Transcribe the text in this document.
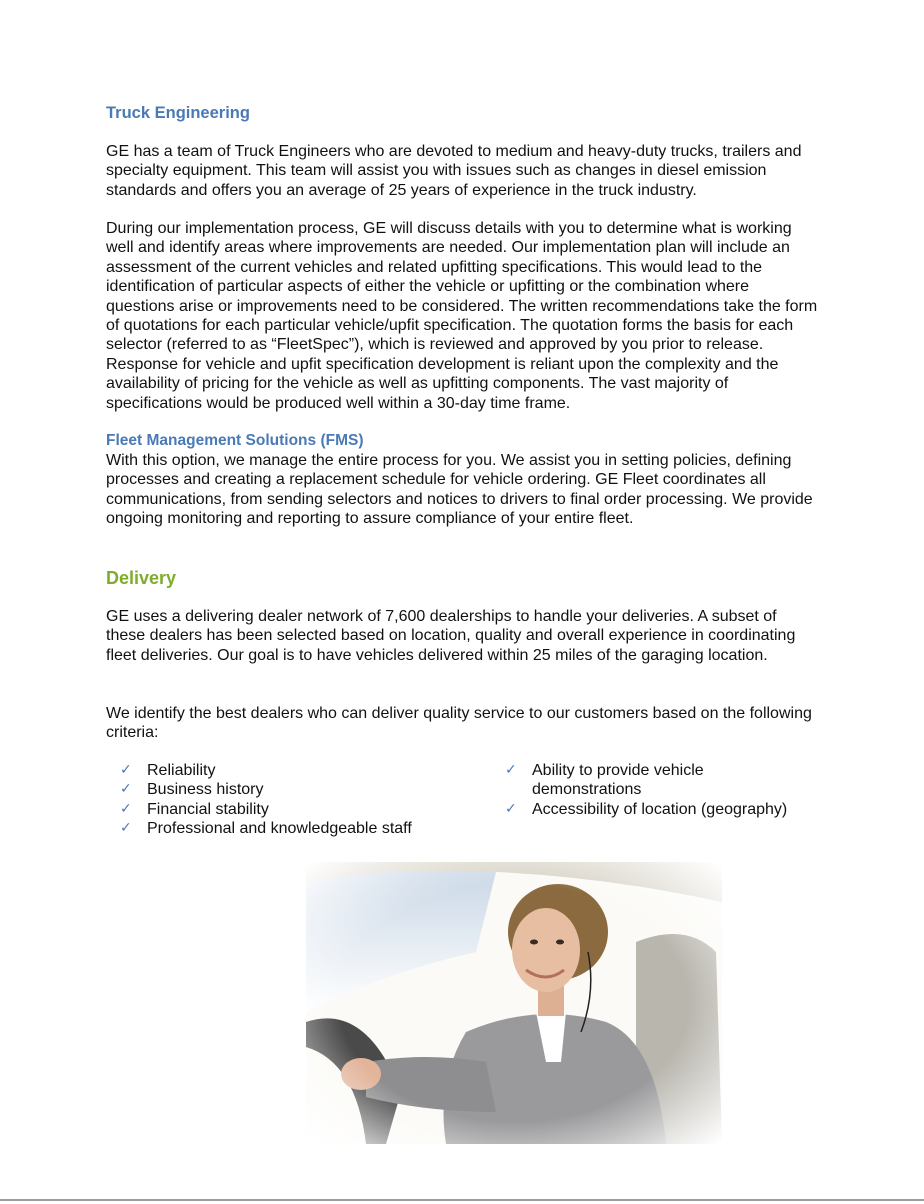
Truck Engineering

GE has a team of Truck Engineers who are devoted to medium and heavy-duty trucks, trailers and specialty equipment. This team will assist you with issues such as changes in diesel emission standards and offers you an average of 25 years of experience in the truck industry.

During our implementation process, GE will discuss details with you to determine what is working well and identify areas where improvements are needed. Our implementation plan will include an assessment of the current vehicles and related upfitting specifications. This would lead to the identification of particular aspects of either the vehicle or upfitting or the combination where questions arise or improvements need to be considered. The written recommendations take the form of quotations for each particular vehicle/upfit specification. The quotation forms the basis for each selector (referred to as “FleetSpec”), which is reviewed and approved by you prior to release. Response for vehicle and upfit specification development is reliant upon the complexity and the availability of pricing for the vehicle as well as upfitting components. The vast majority of specifications would be produced well within a 30-day time frame.

Fleet Management Solutions (FMS)

With this option, we manage the entire process for you. We assist you in setting policies, defining processes and creating a replacement schedule for vehicle ordering. GE Fleet coordinates all communications, from sending selectors and notices to drivers to final order processing. We provide ongoing monitoring and reporting to assure compliance of your entire fleet.

Delivery

GE uses a delivering dealer network of 7,600 dealerships to handle your deliveries. A subset of these dealers has been selected based on location, quality and overall experience in coordinating fleet deliveries. Our goal is to have vehicles delivered within 25 miles of the garaging location.

We identify the best dealers who can deliver quality service to our customers based on the following criteria:

✓ Reliability
✓ Business history
✓ Financial stability
✓ Professional and knowledgeable staff
✓ Ability to provide vehicle demonstrations
✓ Accessibility of location (geography)
